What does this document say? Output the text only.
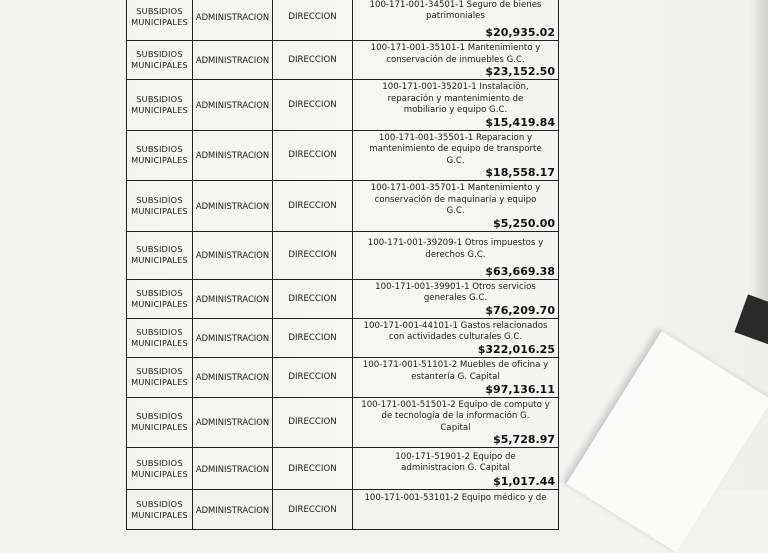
SUBSIDIOS
MUNICIPALES	ADMINISTRACION	DIRECCION	100-171-001-34501-1 Seguro de bienes
patrimoniales

$20,935.02

SUBSIDIOS
MUNICIPALES	ADMINISTRACION	DIRECCION	100-171-001-35101-1 Mantenimiento y
conservación de inmuebles G.C.

$23,152.50

SUBSIDIOS
MUNICIPALES	ADMINISTRACION	DIRECCION	100-171-001-35201-1 Instalación,
reparación y mantenimiento de
mobiliario y equipo G.C.
$15,419.84

SUBSIDIOS
MUNICIPALES	ADMINISTRACION	DIRECCION	100-171-001-35501-1 Reparacion y
mantenimiento de equipo de transporte
G.C.
$18,558.17

SUBSIDIOS
MUNICIPALES	ADMINISTRACION	DIRECCION	100-171-001-35701-1 Mantenimiento y
conservación de maquinaria y equipo
G.C.
$5,250.00

SUBSIDIOS
MUNICIPALES	ADMINISTRACION	DIRECCION	100-171-001-39209-1 Otros impuestos y
derechos G.C.

$63,669.38

SUBSIDIOS
MUNICIPALES	ADMINISTRACION	DIRECCION	100-171-001-39901-1 Otros servicios
generales G.C.

$76,209.70

SUBSIDIOS
MUNICIPALES	ADMINISTRACION	DIRECCION	100-171-001-44101-1 Gastos relacionados
con actividades culturales G.C.

$322,016.25

SUBSIDIOS
MUNICIPALES	ADMINISTRACION	DIRECCION	100-171-001-51101-2 Muebles de oficina y
estantería G. Capital

$97,136.11

SUBSIDIOS
MUNICIPALES	ADMINISTRACION	DIRECCION	100-171-001-51501-2 Equipo de computo y
de tecnologia de la información G.
Capital
$5,728.97

SUBSIDIOS
MUNICIPALES	ADMINISTRACION	DIRECCION	100-171-51901-2 Equipo de
administracion G. Capital

$1,017.44

SUBSIDIOS
MUNICIPALES	ADMINISTRACION	DIRECCION	100-171-001-53101-2 Equipo médico y de
